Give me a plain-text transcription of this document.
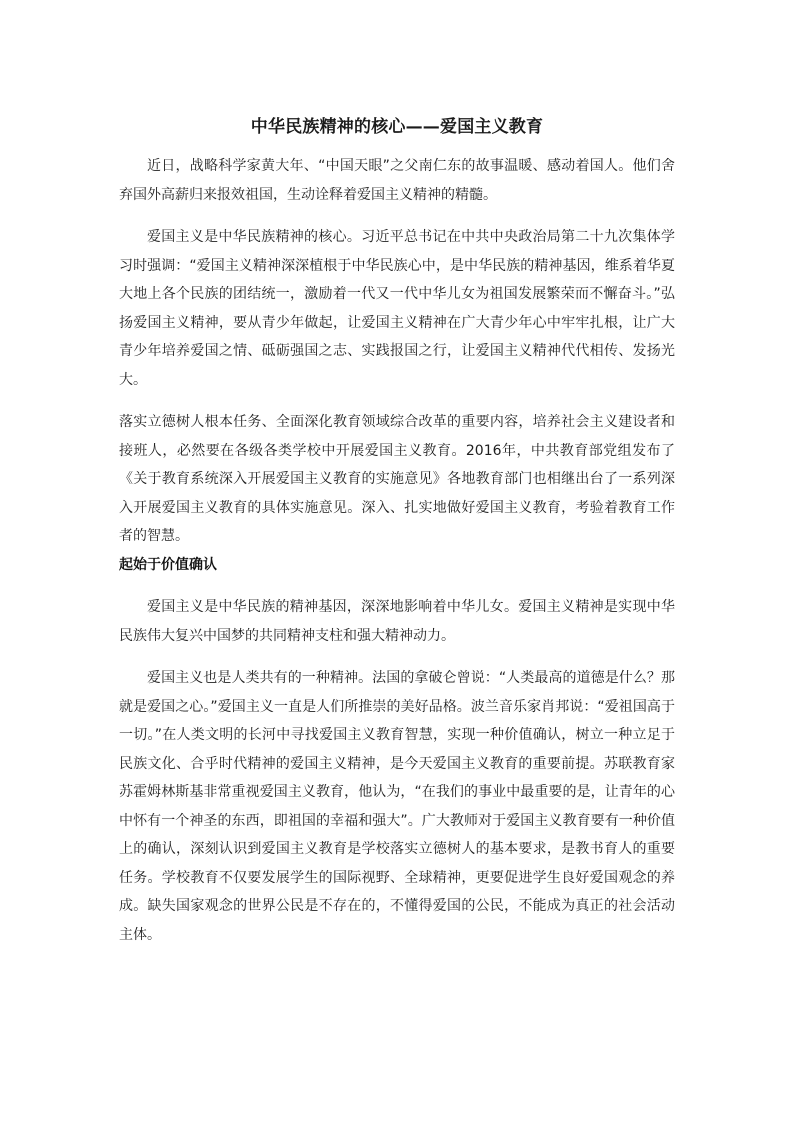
中华民族精神的核心——爱国主义教育

近日，战略科学家黄大年、“中国天眼”之父南仁东的故事温暖、感动着国人。他们舍弃国外高薪归来报效祖国，生动诠释着爱国主义精神的精髓。

爱国主义是中华民族精神的核心。习近平总书记在中共中央政治局第二十九次集体学习时强调：“爱国主义精神深深植根于中华民族心中，是中华民族的精神基因，维系着华夏大地上各个民族的团结统一，激励着一代又一代中华儿女为祖国发展繁荣而不懈奋斗。”弘扬爱国主义精神，要从青少年做起，让爱国主义精神在广大青少年心中牢牢扎根，让广大青少年培养爱国之情、砥砺强国之志、实践报国之行，让爱国主义精神代代相传、发扬光大。

落实立德树人根本任务、全面深化教育领域综合改革的重要内容，培养社会主义建设者和接班人，必然要在各级各类学校中开展爱国主义教育。2016年，中共教育部党组发布了《关于教育系统深入开展爱国主义教育的实施意见》各地教育部门也相继出台了一系列深入开展爱国主义教育的具体实施意见。深入、扎实地做好爱国主义教育，考验着教育工作者的智慧。

起始于价值确认

爱国主义是中华民族的精神基因，深深地影响着中华儿女。爱国主义精神是实现中华民族伟大复兴中国梦的共同精神支柱和强大精神动力。

爱国主义也是人类共有的一种精神。法国的拿破仑曾说：“人类最高的道德是什么？那就是爱国之心。”爱国主义一直是人们所推崇的美好品格。波兰音乐家肖邦说：“爱祖国高于一切。”在人类文明的长河中寻找爱国主义教育智慧，实现一种价值确认，树立一种立足于民族文化、合乎时代精神的爱国主义精神，是今天爱国主义教育的重要前提。苏联教育家苏霍姆林斯基非常重视爱国主义教育，他认为，“在我们的事业中最重要的是，让青年的心中怀有一个神圣的东西，即祖国的幸福和强大”。广大教师对于爱国主义教育要有一种价值上的确认，深刻认识到爱国主义教育是学校落实立德树人的基本要求，是教书育人的重要任务。学校教育不仅要发展学生的国际视野、全球精神，更要促进学生良好爱国观念的养成。缺失国家观念的世界公民是不存在的，不懂得爱国的公民，不能成为真正的社会活动主体。
